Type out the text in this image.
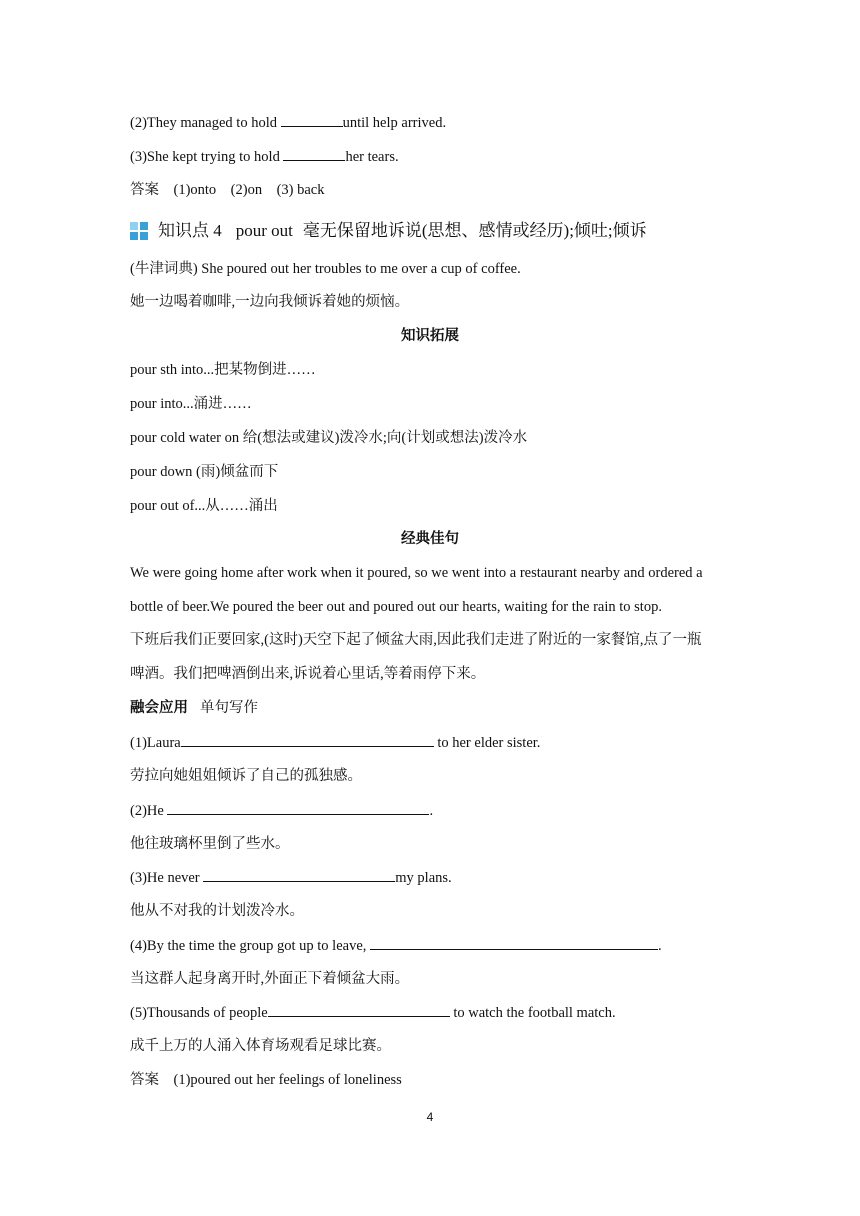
(2)They managed to hold	until help arrived.
(3)She kept trying to hold	her tears.
答案　(1)onto　(2)on　(3) back
知识点 4 pour out 毫无保留地诉说(思想、感情或经历);倾吐;倾诉
(牛津词典) She poured out her troubles to me over a cup of coffee.
她一边喝着咖啡,一边向我倾诉着她的烦恼。
知识拓展
pour sth into...把某物倒进……
pour into...涌进……
pour cold water on 给(想法或建议)泼冷水;向(计划或想法)泼冷水
pour down (雨)倾盆而下
pour out of...从……涌出
经典佳句
We were going home after work when it poured, so we went into a restaurant nearby and ordered a
bottle of beer.We poured the beer out and poured out our hearts, waiting for the rain to stop.
下班后我们正要回家,(这时)天空下起了倾盆大雨,因此我们走进了附近的一家餐馆,点了一瓶
啤酒。我们把啤酒倒出来,诉说着心里话,等着雨停下来。
融会应用 单句写作
(1)Laura	to her elder sister.
劳拉向她姐姐倾诉了自己的孤独感。
(2)He	.
他往玻璃杯里倒了些水。
(3)He never	my plans.
他从不对我的计划泼冷水。
(4)By the time the group got up to leave,	.
当这群人起身离开时,外面正下着倾盆大雨。
(5)Thousands of people	to watch the football match.
成千上万的人涌入体育场观看足球比赛。
答案　(1)poured out her feelings of loneliness
4
